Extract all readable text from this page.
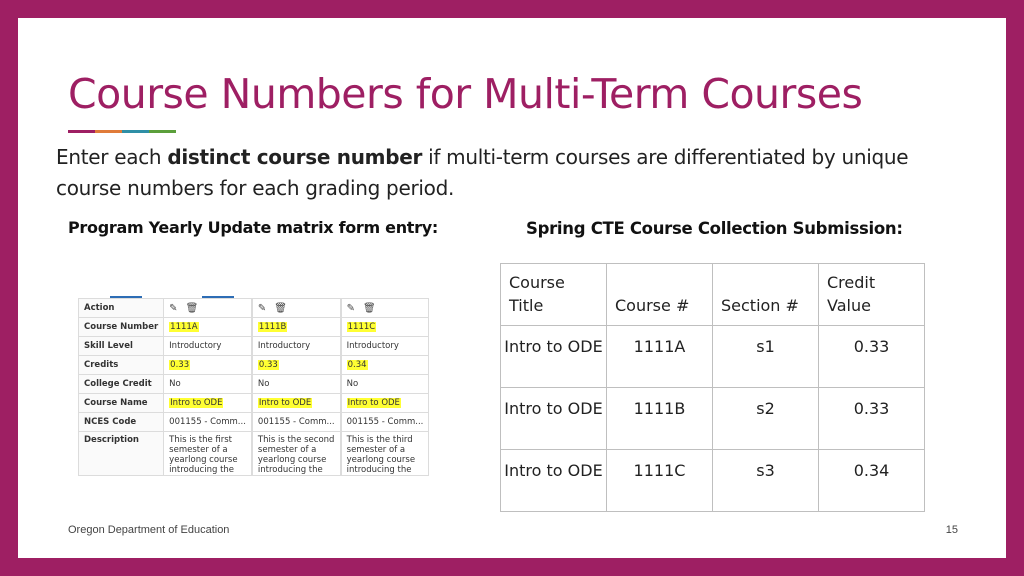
Course Numbers for Multi-Term Courses

Enter each distinct course number if multi-term courses are differentiated by unique course numbers for each grading period.

Program Yearly Update matrix form entry:	Spring CTE Course Collection Submission:
Action	✎ 🗑		✎ 🗑		✎ 🗑
Course Number	1111A		1111B		1111C
Skill Level	Introductory		Introductory		Introductory
Credits	0.33		0.33		0.34
College Credit	No		No		No
Course Name	Intro to ODE		Intro to ODE		Intro to ODE
NCES Code	001155 - Comm...		001155 - Comm...		001155 - Comm...
Description	This is the first semester of a yearlong course introducing the		This is the second semester of a yearlong course introducing the		This is the third semester of a yearlong course introducing the
Course Title	Course #	Section #	Credit Value
Intro to ODE	1111A	s1	0.33
Intro to ODE	1111B	s2	0.33
Intro to ODE	1111C	s3	0.34
Oregon Department of Education	15
